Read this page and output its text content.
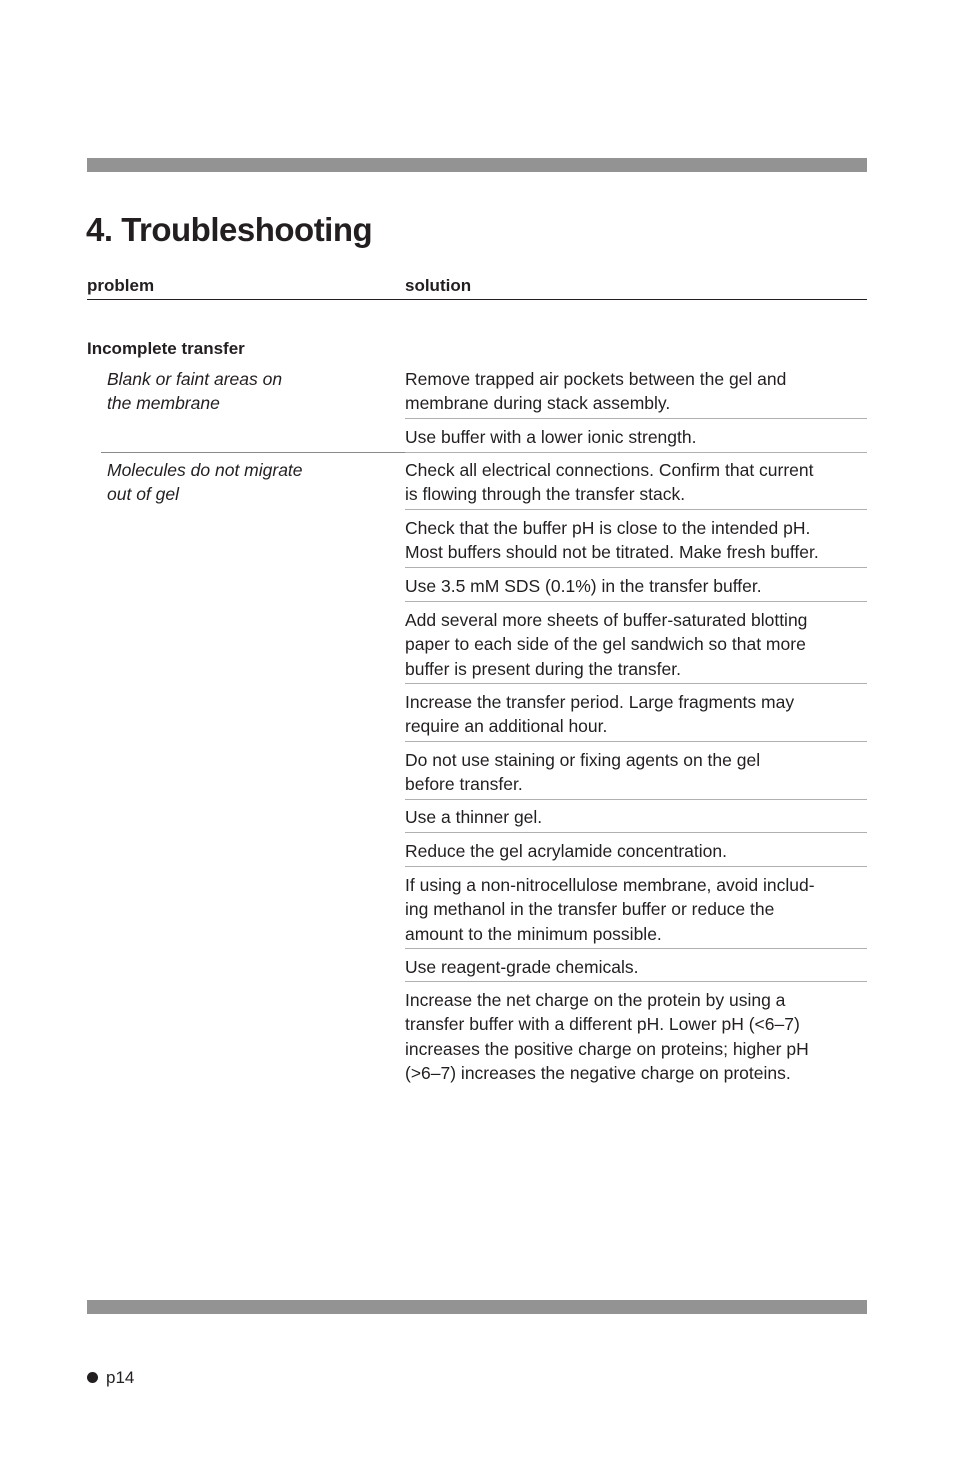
4. Troubleshooting
problem	solution
Incomplete transfer
Blank or faint areas on
the membrane
Remove trapped air pockets between the gel and
membrane during stack assembly.
Use buffer with a lower ionic strength.
Molecules do not migrate
out of gel
Check all electrical connections. Confirm that current
is flowing through the transfer stack.
Check that the buffer pH is close to the intended pH.
Most buffers should not be titrated. Make fresh buffer.
Use 3.5 mM SDS (0.1%) in the transfer buffer.
Add several more sheets of buffer-saturated blotting
paper to each side of the gel sandwich so that more
buffer is present during the transfer.
Increase the transfer period. Large fragments may
require an additional hour.
Do not use staining or fixing agents on the gel
before transfer.
Use a thinner gel.
Reduce the gel acrylamide concentration.
If using a non-nitrocellulose membrane, avoid includ-
ing methanol in the transfer buffer or reduce the
amount to the minimum possible.
Use reagent-grade chemicals.
Increase the net charge on the protein by using a
transfer buffer with a different pH. Lower pH (<6–7)
increases the positive charge on proteins; higher pH
(>6–7) increases the negative charge on proteins.
p14
